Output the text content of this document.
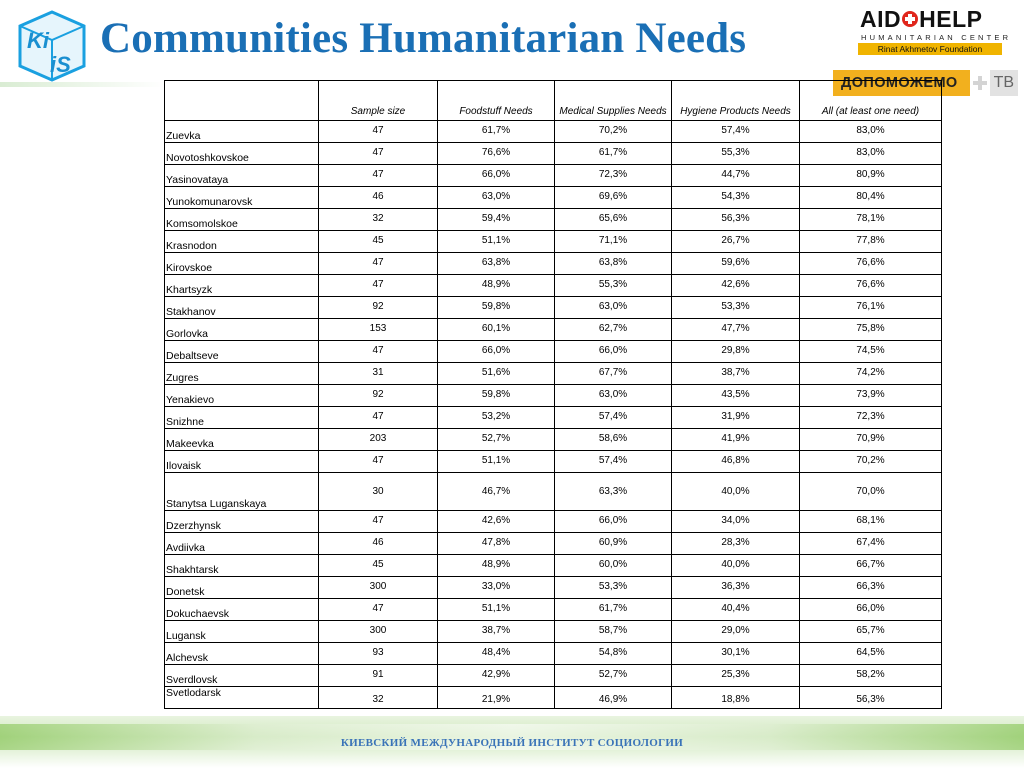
Ki
iS
Communities Humanitarian Needs	AID HELP
HUMANITARIAN CENTER
Rinat Akhmetov Foundation
ДОПОМОЖЕМО	ТВ
	Sample size	Foodstuff Needs	Medical Supplies Needs	Hygiene Products Needs	All (at least one need)
Zuevka	47	61,7%	70,2%	57,4%	83,0%
Novotoshkovskoe	47	76,6%	61,7%	55,3%	83,0%
Yasinovataya	47	66,0%	72,3%	44,7%	80,9%
Yunokomunarovsk	46	63,0%	69,6%	54,3%	80,4%
Komsomolskoe	32	59,4%	65,6%	56,3%	78,1%
Krasnodon	45	51,1%	71,1%	26,7%	77,8%
Kirovskoe	47	63,8%	63,8%	59,6%	76,6%
Khartsyzk	47	48,9%	55,3%	42,6%	76,6%
Stakhanov	92	59,8%	63,0%	53,3%	76,1%
Gorlovka	153	60,1%	62,7%	47,7%	75,8%
Debaltseve	47	66,0%	66,0%	29,8%	74,5%
Zugres	31	51,6%	67,7%	38,7%	74,2%
Yenakievo	92	59,8%	63,0%	43,5%	73,9%
Snizhne	47	53,2%	57,4%	31,9%	72,3%
Makeevka	203	52,7%	58,6%	41,9%	70,9%
Ilovaisk	47	51,1%	57,4%	46,8%	70,2%
Stanytsa Luganskaya	30	46,7%	63,3%	40,0%	70,0%
Dzerzhynsk	47	42,6%	66,0%	34,0%	68,1%
Avdiivka	46	47,8%	60,9%	28,3%	67,4%
Shakhtarsk	45	48,9%	60,0%	40,0%	66,7%
Donetsk	300	33,0%	53,3%	36,3%	66,3%
Dokuchaevsk	47	51,1%	61,7%	40,4%	66,0%
Lugansk	300	38,7%	58,7%	29,0%	65,7%
Alchevsk	93	48,4%	54,8%	30,1%	64,5%
Sverdlovsk	91	42,9%	52,7%	25,3%	58,2%
Svetlodarsk	32	21,9%	46,9%	18,8%	56,3%
КИЕВСКИЙ МЕЖДУНАРОДНЫЙ ИНСТИТУТ СОЦИОЛОГИИ
